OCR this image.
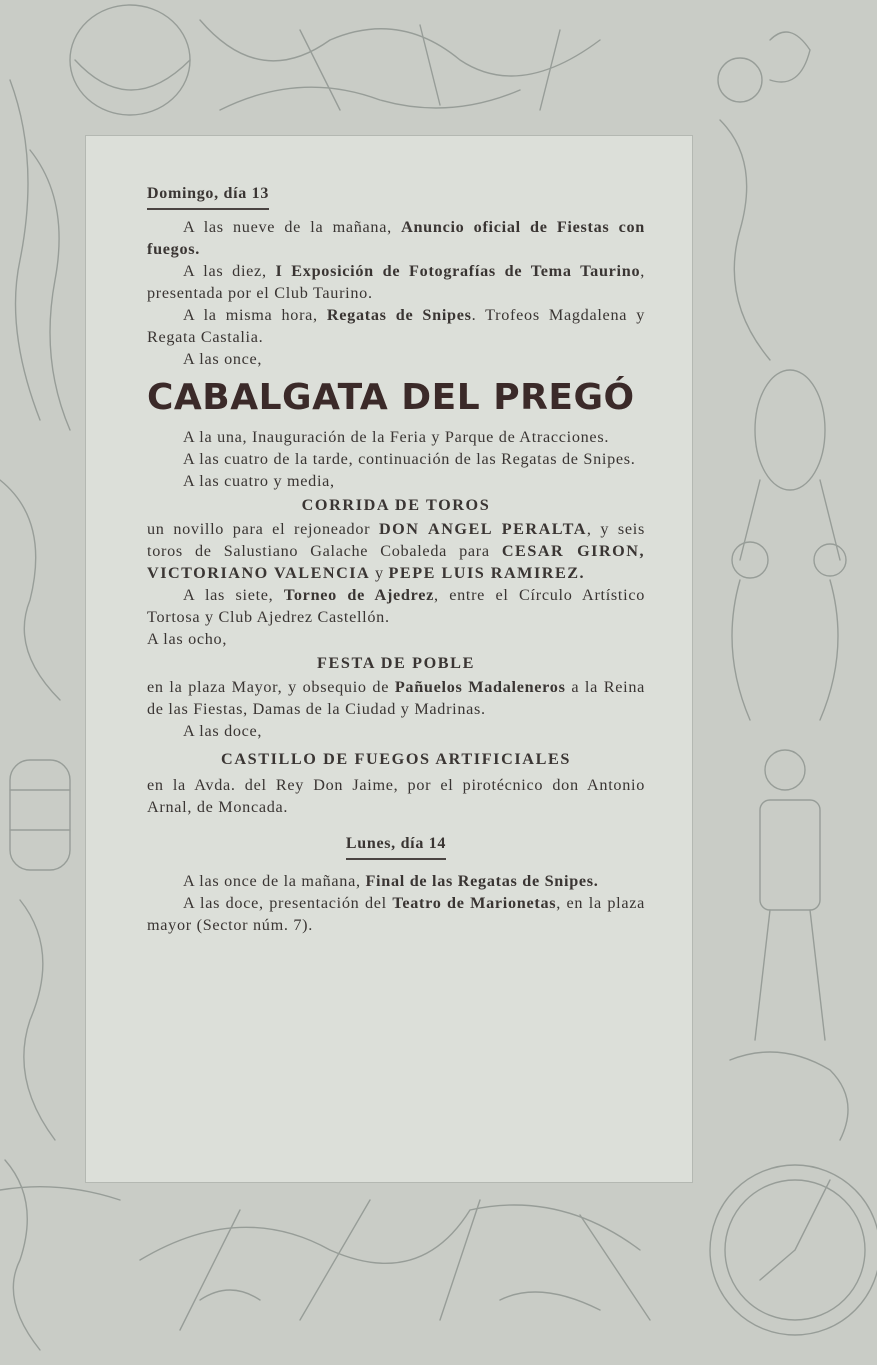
Domingo, día 13

A las nueve de la mañana, Anuncio oficial de Fiestas con fuegos.

A las diez, I Exposición de Fotografías de Tema Taurino, presentada por el Club Taurino.

A la misma hora, Regatas de Snipes. Trofeos Magdalena y Regata Castalia.

A las once,

CABALGATA DEL PREGÓ

A la una, Inauguración de la Feria y Parque de Atracciones.

A las cuatro de la tarde, continuación de las Regatas de Snipes.

A las cuatro y media,

CORRIDA DE TOROS

un novillo para el rejoneador DON ANGEL PERALTA, y seis toros de Salustiano Galache Cobaleda para CESAR GIRON, VICTORIANO VALENCIA y PEPE LUIS RAMIREZ.

A las siete, Torneo de Ajedrez, entre el Círculo Artístico Tortosa y Club Ajedrez Castellón.

A las ocho,

FESTA DE POBLE

en la plaza Mayor, y obsequio de Pañuelos Madaleneros a la Reina de las Fiestas, Damas de la Ciudad y Madrinas.

A las doce,

CASTILLO DE FUEGOS ARTIFICIALES

en la Avda. del Rey Don Jaime, por el pirotécnico don Antonio Arnal, de Moncada.

Lunes, día 14

A las once de la mañana, Final de las Regatas de Snipes.

A las doce, presentación del Teatro de Marionetas, en la plaza mayor (Sector núm. 7).
